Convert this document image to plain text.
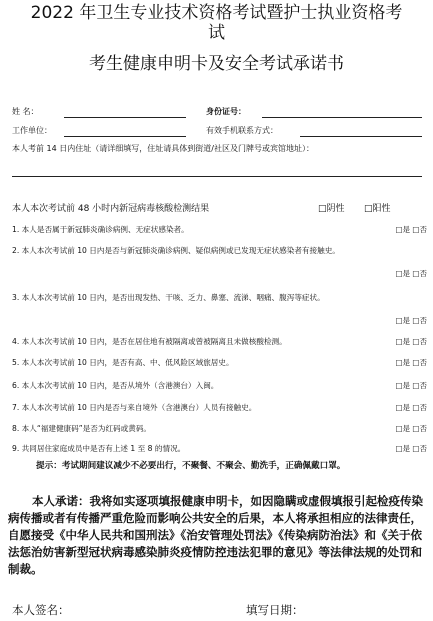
2022 年卫生专业技术资格考试暨护士执业资格考
试
考生健康申明卡及安全考试承诺书
姓 名：	身份证号：
工作单位：	有效手机联系方式：
本人考前 14 日内住址（请详细填写，住址请具体到街道/社区及门牌号或宾馆地址）：
本人本次考试前 48 小时内新冠病毒核酸检测结果	□阴性 □阳性
1. 本人是否属于新冠肺炎确诊病例、无症状感染者。	□是 □否
2. 本人本次考试前 10 日内是否与新冠肺炎确诊病例、疑似病例或已发现无症状感染者有接触史。
□是 □否
3. 本人本次考试前 10 日内，是否出现发热、干咳、乏力、鼻塞、流涕、咽痛、腹泻等症状。
□是 □否
4. 本人本次考试前 10 日内，是否在居住地有被隔离或曾被隔离且未做核酸检测。	□是 □否
5. 本人本次考试前 10 日内，是否有高、中、低风险区域旅居史。	□是 □否
6. 本人本次考试前 10 日内，是否从境外（含港澳台）入闽。	□是 □否
7. 本人本次考试前 10 日内是否与来自境外（含港澳台）人员有接触史。	□是 □否
8. 本人“福建健康码”是否为红码或黄码。	□是 □否
9. 共同居住家庭成员中是否有上述 1 至 8 的情况。	□是 □否
提示：考试期间建议减少不必要出行，不聚餐、不聚会、勤洗手，正确佩戴口罩。
本人承诺：我将如实逐项填报健康申明卡，如因隐瞒或虚假填报引起检疫传染病传播或者有传播严重危险而影响公共安全的后果，本人将承担相应的法律责任，自愿接受《中华人民共和国刑法》《治安管理处罚法》《传染病防治法》和《关于依法惩治妨害新型冠状病毒感染肺炎疫情防控违法犯罪的意见》等法律法规的处罚和制裁。
本人签名：	填写日期：
